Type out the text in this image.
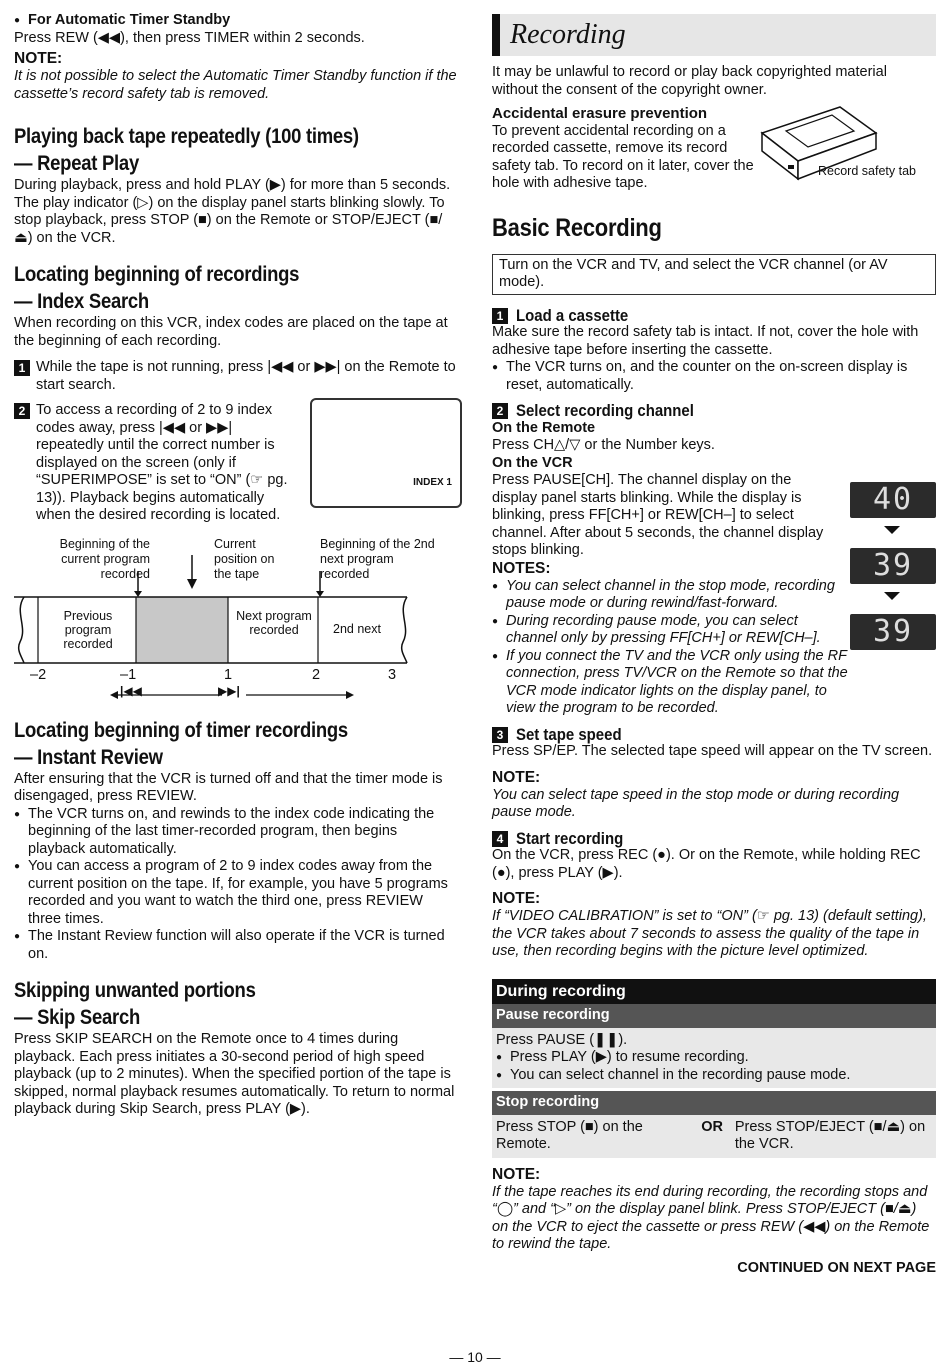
● For Automatic Timer Standby

Press REW (◀◀), then press TIMER within 2 seconds.

NOTE:

It is not possible to select the Automatic Timer Standby function if the cassette’s record safety tab is removed.

Playing back tape repeatedly (100 times)
— Repeat Play

During playback, press and hold PLAY (▶) for more than 5 seconds. The play indicator (▷) on the display panel starts blinking slowly. To stop playback, press STOP (■) on the Remote or STOP/EJECT (■/⏏) on the VCR.

Locating beginning of recordings
— Index Search

When recording on this VCR, index codes are placed on the tape at the beginning of each recording.

1 While the tape is not running, press |◀◀ or ▶▶| on the Remote to start search.

2 To access a recording of 2 to 9 index codes away, press |◀◀ or ▶▶| repeatedly until the correct number is displayed on the screen (only if “SUPERIMPOSE” is set to “ON” (☞ pg. 13)). Playback begins automatically when the desired recording is located.

INDEX 1

Beginning of the current program recorded

Current position on the tape

Beginning of the 2nd next program recorded

Previous program recorded

Next program recorded	2nd next

–2	–1	1	2	3
|◀◀	▶▶|
Locating beginning of timer recordings
— Instant Review

After ensuring that the VCR is turned off and that the timer mode is disengaged, press REVIEW.

● The VCR turns on, and rewinds to the index code indicating the beginning of the last timer-recorded program, then begins playback automatically.

● You can access a program of 2 to 9 index codes away from the current position on the tape. If, for example, you have 5 programs recorded and you want to watch the third one, press REVIEW three times.

● The Instant Review function will also operate if the VCR is turned on.

Skipping unwanted portions
— Skip Search

Press SKIP SEARCH on the Remote once to 4 times during playback. Each press initiates a 30-second period of high speed playback (up to 2 minutes). When the specified portion of the tape is skipped, normal playback resumes automatically. To return to normal playback during Skip Search, press PLAY (▶).

Recording

It may be unlawful to record or play back copyrighted material without the consent of the copyright owner.

Accidental erasure prevention

To prevent accidental recording on a recorded cassette, remove its record safety tab. To record on it later, cover the hole with adhesive tape.

Record safety tab

Basic Recording

Turn on the VCR and TV, and select the VCR channel (or AV mode).

1 Load a cassette

Make sure the record safety tab is intact. If not, cover the hole with adhesive tape before inserting the cassette.

● The VCR turns on, and the counter on the on-screen display is reset, automatically.

2 Select recording channel

On the Remote

Press CH△/▽ or the Number keys.

On the VCR

Press PAUSE[CH]. The channel display on the display panel starts blinking. While the display is blinking, press FF[CH+] or REW[CH–] to select channel. After about 5 seconds, the channel display stops blinking.

NOTES:

● You can select channel in the stop mode, recording pause mode or during rewind/fast-forward.

● During recording pause mode, you can select channel only by pressing FF[CH+] or REW[CH–].

● If you connect the TV and the VCR only using the RF connection, press TV/VCR on the Remote so that the VCR mode indicator lights on the display panel, to view the program to be recorded.

40
39
39
3 Set tape speed

Press SP/EP. The selected tape speed will appear on the TV screen.

NOTE:

You can select tape speed in the stop mode or during recording pause mode.

4 Start recording

On the VCR, press REC (●). Or on the Remote, while holding REC (●), press PLAY (▶).

NOTE:

If “VIDEO CALIBRATION” is set to “ON” (☞ pg. 13) (default setting), the VCR takes about 7 seconds to assess the quality of the tape in use, then recording begins with the picture level optimized.

During recording
Pause recording

Press PAUSE (❚❚).

● Press PLAY (▶) to resume recording.

● You can select channel in the recording pause mode.

Stop recording

Press STOP (■) on the Remote.

OR Press STOP/EJECT (■/⏏) on the VCR.

NOTE:

If the tape reaches its end during recording, the recording stops and “◯” and “▷” on the display panel blink. Press STOP/EJECT (■/⏏) on the VCR to eject the cassette or press REW (◀◀) on the Remote to rewind the tape.

CONTINUED ON NEXT PAGE

— 10 —
